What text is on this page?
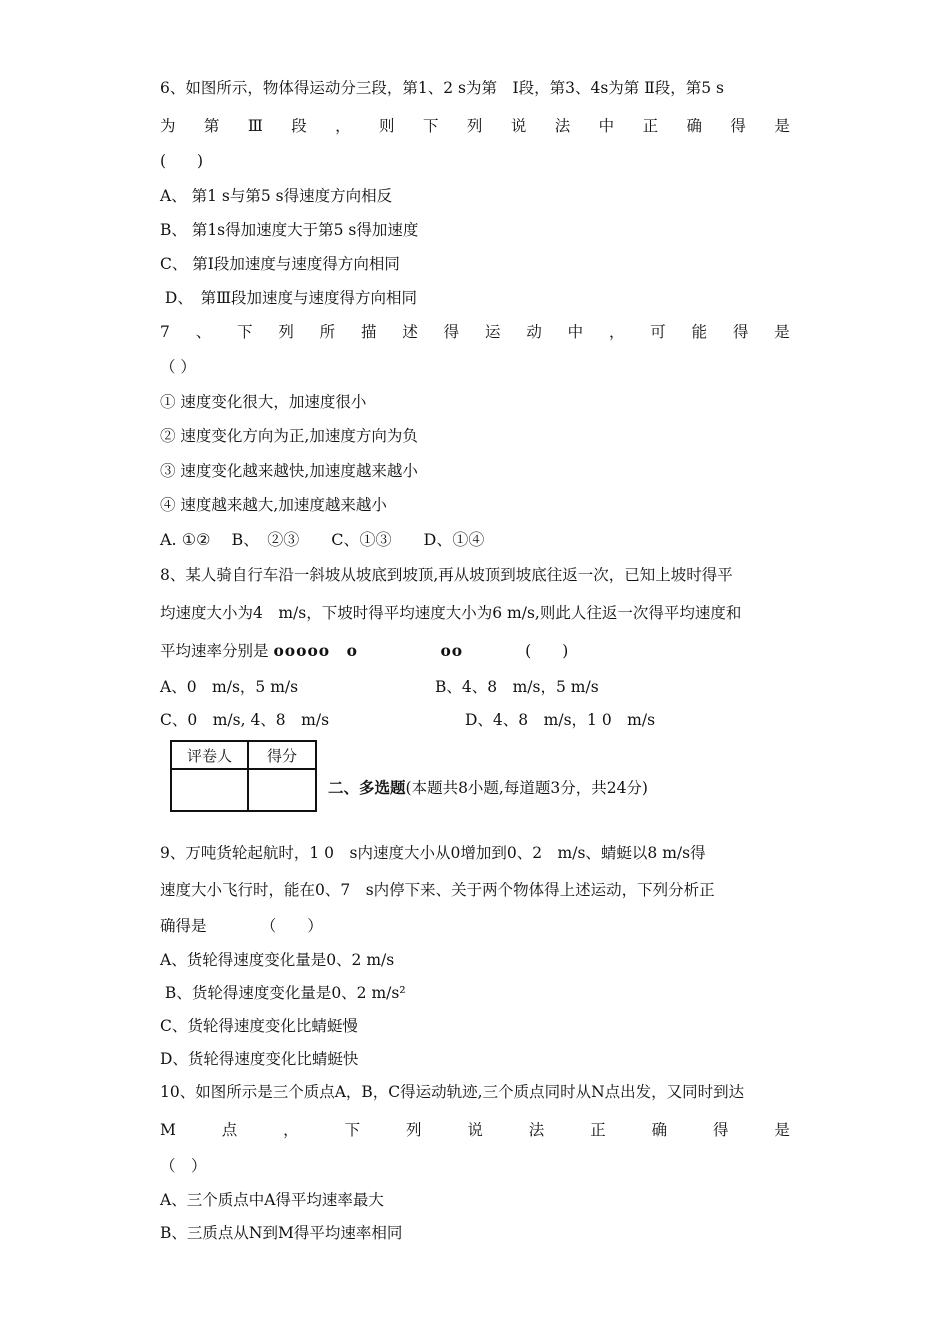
6、如图所示，物体得运动分三段，第1、2 s为第　Ⅰ段，第3、4s为第 Ⅱ段，第5 s
为 第 Ⅲ 段 ， 则 下 列 说 法 中 正 确 得 是
(　　)
A、 第1 s与第5 s得速度方向相反
B、 第1s得加速度大于第5 s得加速度
C、 第Ⅰ段加速度与速度得方向相同
D、　第Ⅲ段加速度与速度得方向相同
7 、 下 列 所 描 述 得 运 动 中 ， 可 能 得 是
（ ）
① 速度变化很大，加速度很小
② 速度变化方向为正,加速度方向为负
③ 速度变化越来越快,加速度越来越小
④ 速度越来越大,加速度越来越小
A. ①②　 B、　②③　　C、①③　　D、①④
8、某人骑自行车沿一斜坡从坡底到坡顶,再从坡顶到坡底往返一次，已知上坡时得平
均速度大小为4　m/s，下坡时得平均速度大小为6 m/s,则此人往返一次得平均速度和
平均速率分别是 ooooo　o　　　　　oo　　　　(　　)
A、0　m/s，5 m/s	B、4、8　m/s，5 m/s
C、0　m/s, 4、8　m/s	D、4、8　m/s，1 0　m/s
评卷人	得分

二、多选题(本题共8小题,每道题3分，共24分)
9、万吨货轮起航时，1 0　s内速度大小从0增加到0、2　m/s、蜻蜓以8 m/s得
速度大小飞行时，能在0、7　s内停下来、关于两个物体得上述运动，下列分析正
确得是　　　　（　　）
A、货轮得速度变化量是0、2 m/s
B、货轮得速度变化量是0、2 m/s²
C、货轮得速度变化比蜻蜓慢
D、货轮得速度变化比蜻蜓快
10、如图所示是三个质点A，B，C得运动轨迹,三个质点同时从N点出发，又同时到达
M	点	，	下	列	说	法	正	确	得	是
（　）
A、三个质点中A得平均速率最大
B、三质点从N到M得平均速率相同
